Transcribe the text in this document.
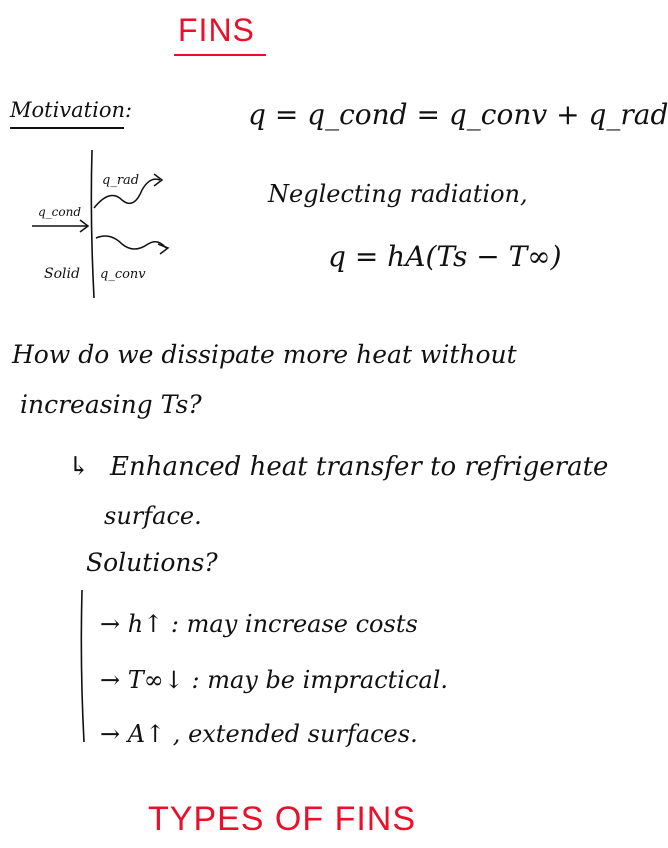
FINS
Motivation:	q = q_cond = q_conv + q_rad
q_rad
q_cond
Solid q_conv
Neglecting radiation,
q = hA(Ts − T∞)
How do we dissipate more heat without
increasing Ts?
↳ Enhanced heat transfer to refrigerate
surface.
Solutions?
→ h↑ : may increase costs
→ T∞↓ : may be impractical.
→ A↑ , extended surfaces.
TYPES OF FINS
